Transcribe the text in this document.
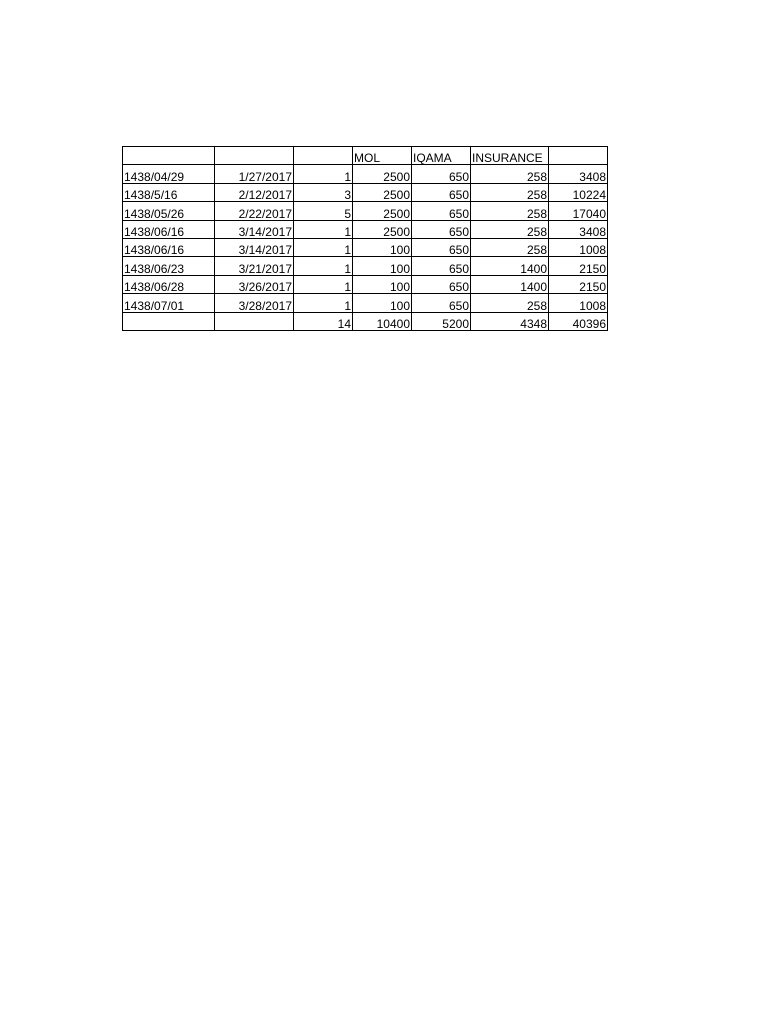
			MOL	IQAMA	INSURANCE	
1438/04/29	1/27/2017	1	2500	650	258	3408
1438/5/16	2/12/2017	3	2500	650	258	10224
1438/05/26	2/22/2017	5	2500	650	258	17040
1438/06/16	3/14/2017	1	2500	650	258	3408
1438/06/16	3/14/2017	1	100	650	258	1008
1438/06/23	3/21/2017	1	100	650	1400	2150
1438/06/28	3/26/2017	1	100	650	1400	2150
1438/07/01	3/28/2017	1	100	650	258	1008
		14	10400	5200	4348	40396
